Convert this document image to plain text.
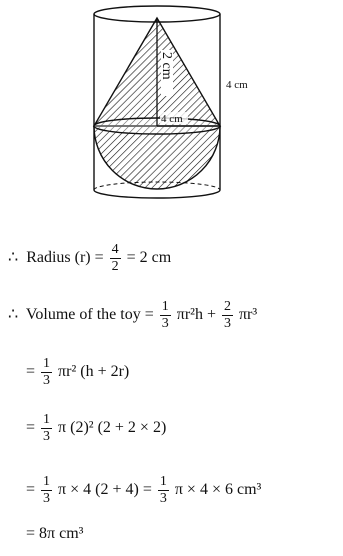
2 cm
4 cm
4 cm
∴ Radius $(r) = \frac{4}{2} = 2$ cm
∴ Volume of the toy = $\frac{1}{3} \pi r^2h + \frac{2}{3} \pi r^3$
= $\frac{1}{3} \pi r^2$ (h + 2r)
= $\frac{1}{3}$ π (2)² (2 + 2 × 2)
= $\frac{1}{3}$ π × 4 $(2 + 4) = \frac{1}{3}$ π × 4 × 6 cm³
= 8π cm³
